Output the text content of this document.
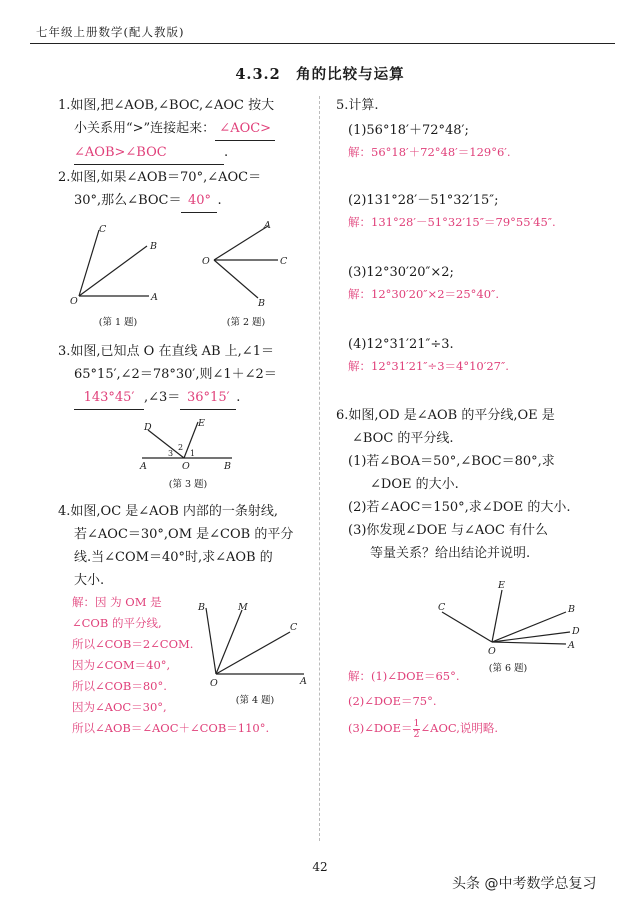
七年级上册数学(配人教版)
4.3.2　角的比较与运算
1.如图,把∠AOB,∠BOC,∠AOC 按大
小关系用“>”连接起来： ∠AOC>
∠AOB>∠BOC	.
2.如图,如果∠AOB＝70°,∠AOC＝
30°,那么∠BOC＝ 40° .
C
B
A
O
(第 1 题)
A
C
B
O
(第 2 题)
3.如图,已知点 O 在直线 AB 上,∠1＝
65°15′,∠2＝78°30′,则∠1＋∠2＝
143°45′ ,∠3＝ 36°15′ .
D	E
2
3 1
A	O	B
(第 3 题)
4.如图,OC 是∠AOB 内部的一条射线,
若∠AOC＝30°,OM 是∠COB 的平分
线.当∠COM＝40°时,求∠AOB 的
大小.
解：因 为 OM 是
∠COB 的平分线,
所以∠COB＝2∠COM.
因为∠COM＝40°,
所以∠COB＝80°.
因为∠AOC＝30°,
所以∠AOB＝∠AOC＋∠COB＝110°.
B	M
C
A
O
(第 4 题)
5.计算.
(1)56°18′＋72°48′;
解：56°18′＋72°48′＝129°6′.
(2)131°28′－51°32′15″;
解：131°28′－51°32′15″＝79°55′45″.
(3)12°30′20″×2;
解：12°30′20″×2＝25°40″.
(4)12°31′21″÷3.
解：12°31′21″÷3＝4°10′27″.
6.如图,OD 是∠AOB 的平分线,OE 是
∠BOC 的平分线.
(1)若∠BOA＝50°,∠BOC＝80°,求
∠DOE 的大小.
(2)若∠AOC＝150°,求∠DOE 的大小.
(3)你发现∠DOE 与∠AOC 有什么
等量关系？给出结论并说明.
C
E
B
D
A
O
(第 6 题)
解：(1)∠DOE＝65°.
(2)∠DOE＝75°.
(3)∠DOE＝ $\frac{1}{2}$ ∠AOC,说明略.
42
头条 @中考数学总复习
